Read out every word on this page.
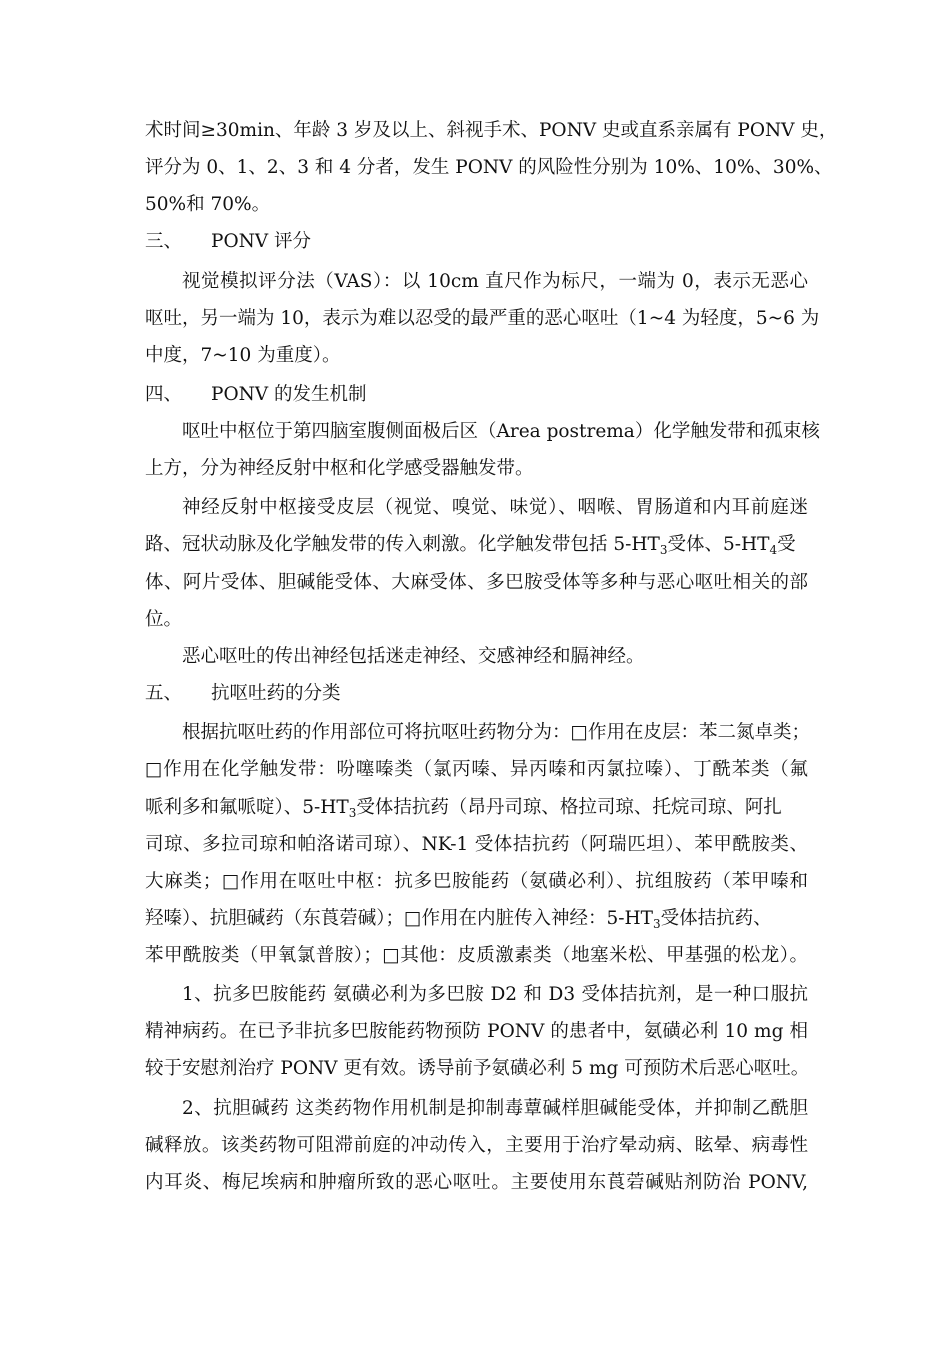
术时间≥30min、年龄 3 岁及以上、斜视手术、PONV 史或直系亲属有 PONV 史，
评分为 0、1、2、3 和 4 分者，发生 PONV 的风险性分别为 10%、10%、30%、
50%和 70%。
三、 PONV 评分
视觉模拟评分法（VAS）：以 10cm 直尺作为标尺，一端为 0，表示无恶心
呕吐，另一端为 10，表示为难以忍受的最严重的恶心呕吐（1~4 为轻度，5~6 为
中度，7~10 为重度）。
四、 PONV 的发生机制
呕吐中枢位于第四脑室腹侧面极后区（Area postrema）化学触发带和孤束核
上方，分为神经反射中枢和化学感受器触发带。
神经反射中枢接受皮层（视觉、嗅觉、味觉）、咽喉、胃肠道和内耳前庭迷
路、冠状动脉及化学触发带的传入刺激。化学触发带包括 $5-HT_3$受体、$5-HT_4$受
体、阿片受体、胆碱能受体、大麻受体、多巴胺受体等多种与恶心呕吐相关的部
位。
恶心呕吐的传出神经包括迷走神经、交感神经和膈神经。
五、 抗呕吐药的分类
根据抗呕吐药的作用部位可将抗呕吐药物分为：□作用在皮层：苯二氮卓类；
□作用在化学触发带：吩噻嗪类（氯丙嗪、异丙嗪和丙氯拉嗪）、丁酰苯类（氟
哌利多和氟哌啶）、$5-HT_3$受体拮抗药（昂丹司琼、格拉司琼、托烷司琼、阿扎
司琼、多拉司琼和帕洛诺司琼）、NK-1 受体拮抗药（阿瑞匹坦）、苯甲酰胺类、
大麻类；□作用在呕吐中枢：抗多巴胺能药（氨磺必利）、抗组胺药（苯甲嗪和
羟嗪）、抗胆碱药（东莨菪碱）；□作用在内脏传入神经：$5-HT_3$受体拮抗药、
苯甲酰胺类（甲氧氯普胺）；□其他：皮质激素类（地塞米松、甲基强的松龙）。
1、抗多巴胺能药 氨磺必利为多巴胺 D2 和 D3 受体拮抗剂，是一种口服抗
精神病药。在已予非抗多巴胺能药物预防 PONV 的患者中，氨磺必利 10 mg 相
较于安慰剂治疗 PONV 更有效。诱导前予氨磺必利 5 mg 可预防术后恶心呕吐。
2、抗胆碱药 这类药物作用机制是抑制毒蕈碱样胆碱能受体，并抑制乙酰胆
碱释放。该类药物可阻滞前庭的冲动传入，主要用于治疗晕动病、眩晕、病毒性
内耳炎、梅尼埃病和肿瘤所致的恶心呕吐。主要使用东莨菪碱贴剂防治 PONV,
